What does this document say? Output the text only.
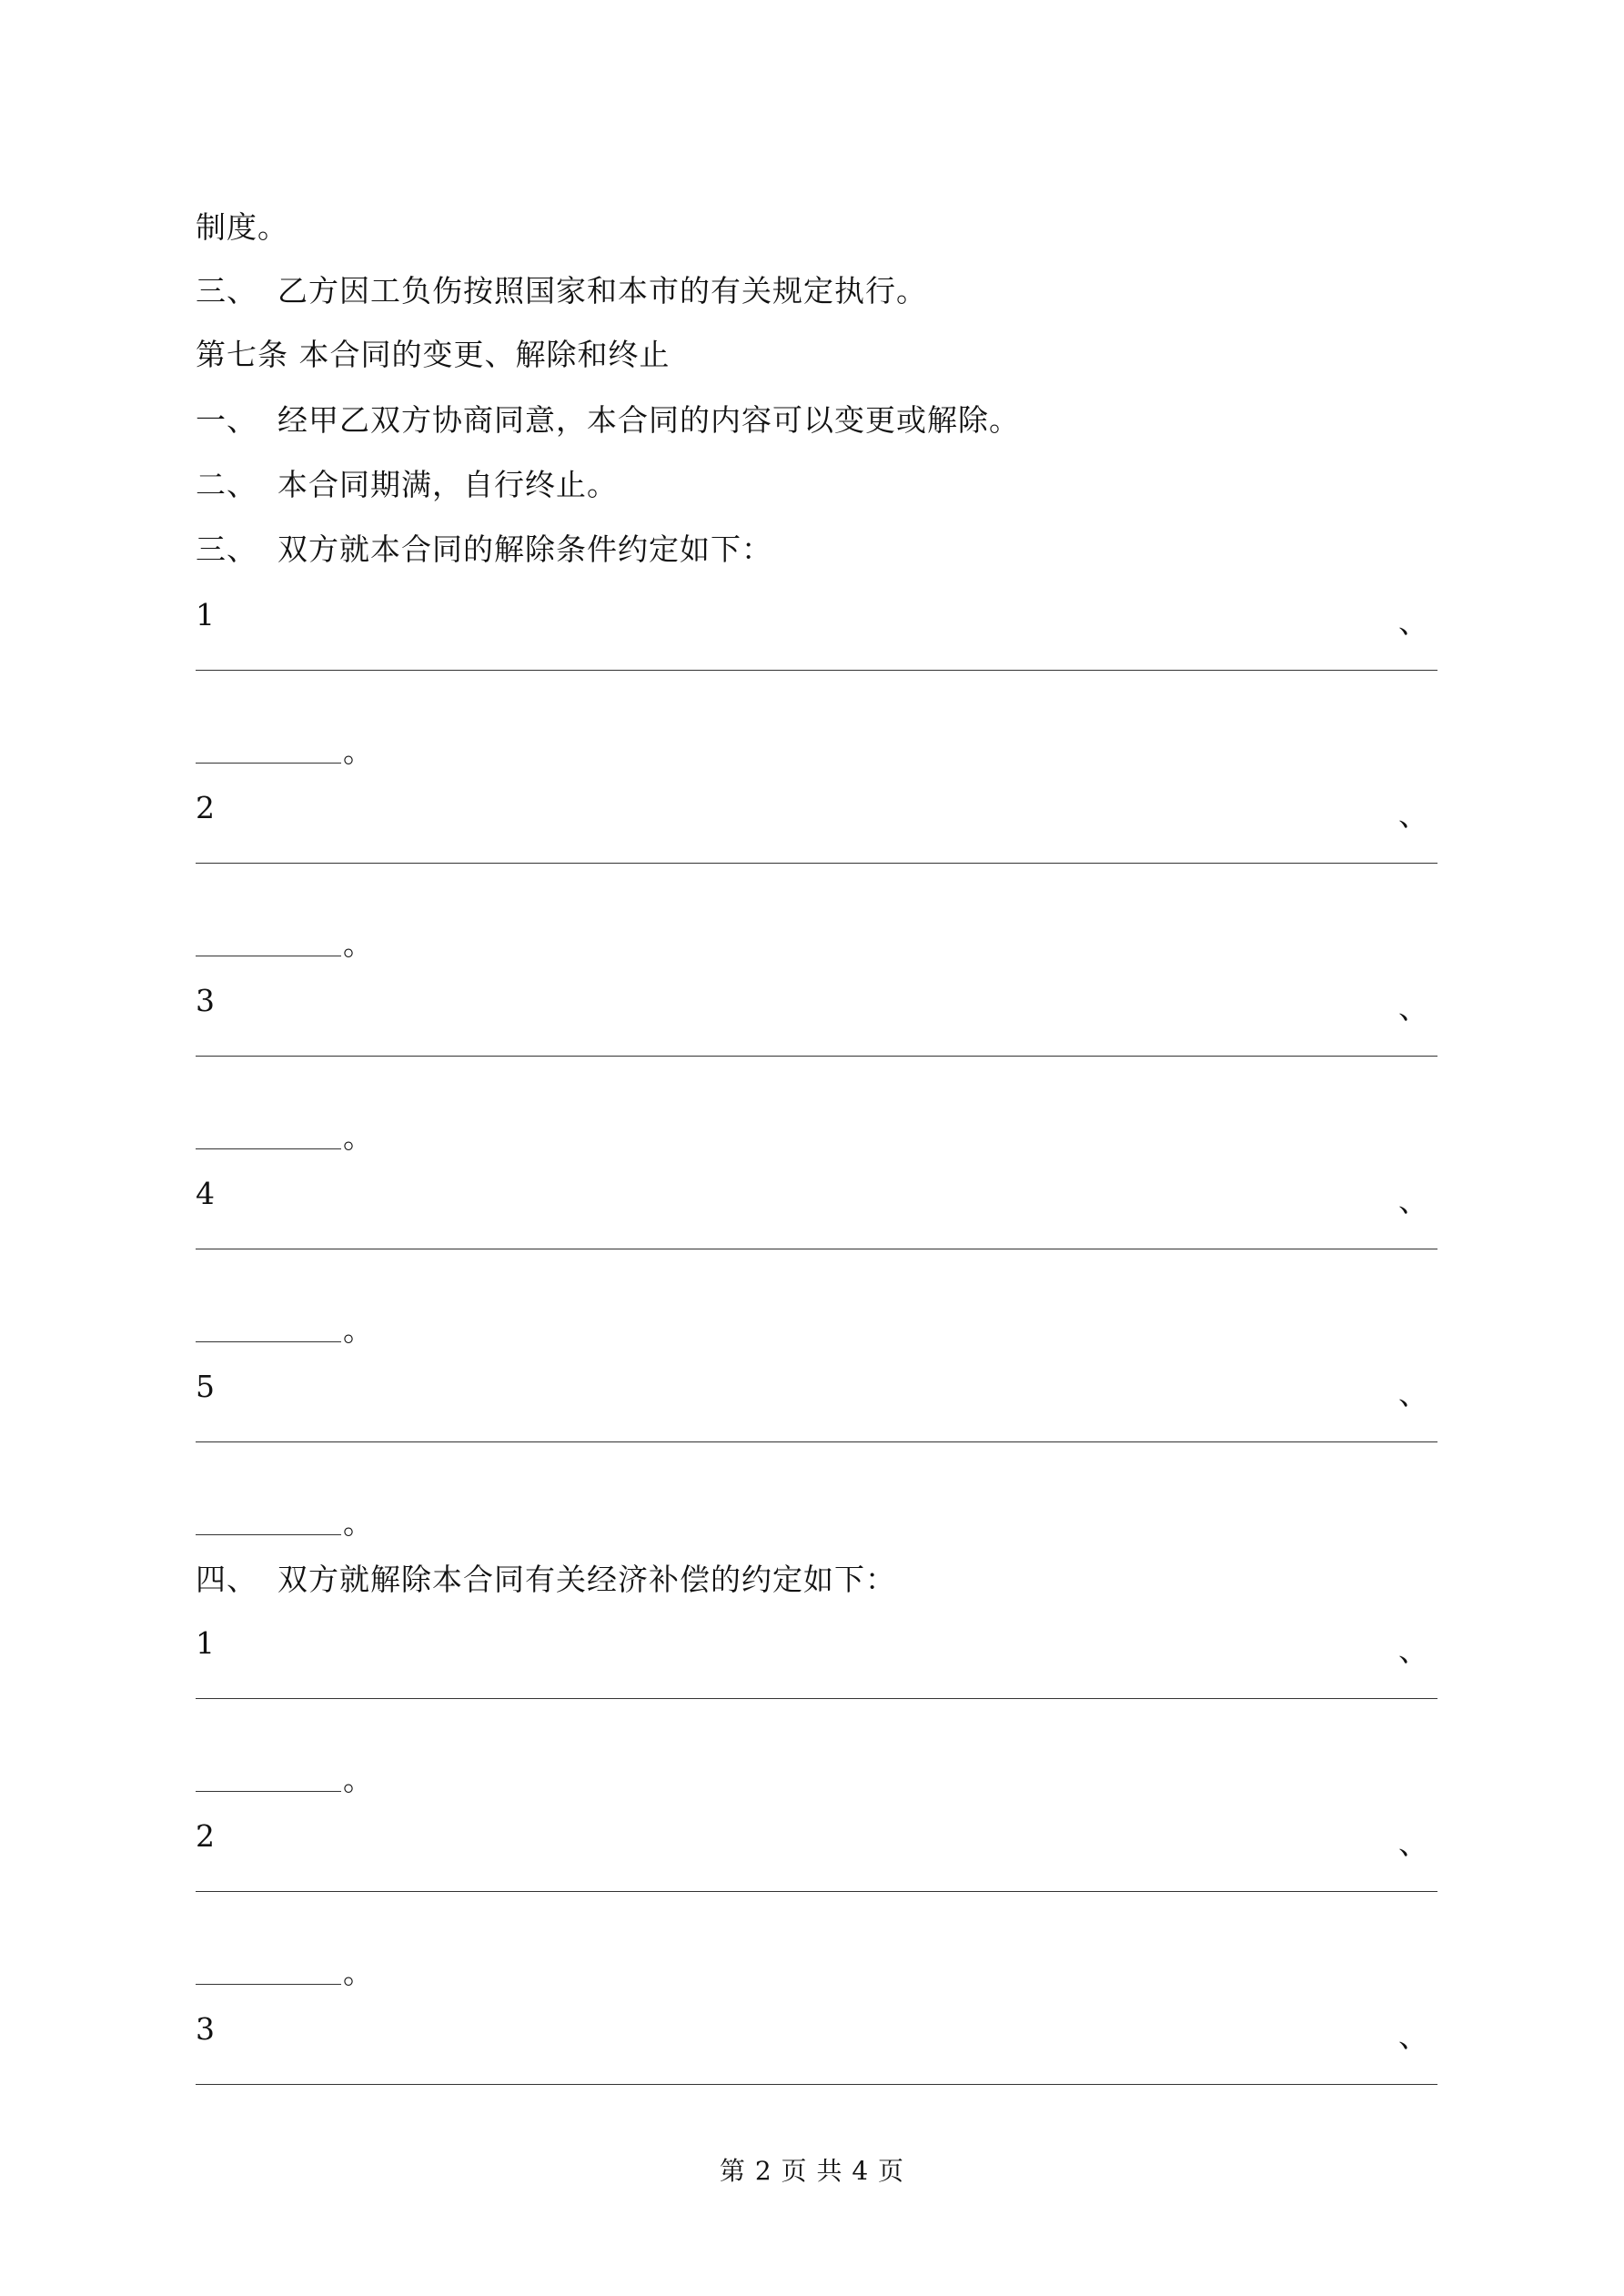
制度。
三、 乙方因工负伤按照国家和本市的有关规定执行。
第七条 本合同的变更、解除和终止
一、 经甲乙双方协商同意，本合同的内容可以变更或解除。
二、 本合同期满，自行终止。
三、 双方就本合同的解除条件约定如下：
1	、
。
2	、
。
3	、
。
4	、
。
5	、
。
四、 双方就解除本合同有关经济补偿的约定如下：
1	、
。
2	、
。
3	、
第 2 页 共 4 页
